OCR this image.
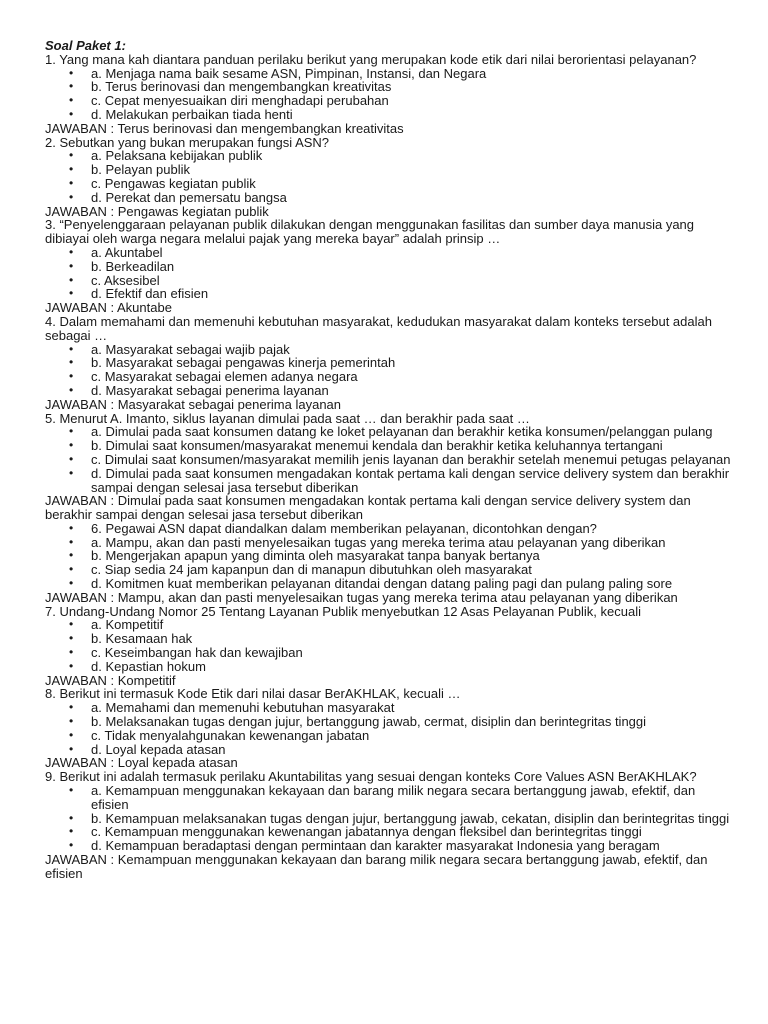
Soal Paket 1:

1. Yang mana kah diantara panduan perilaku berikut yang merupakan kode etik dari nilai berorientasi pelayanan?

• a. Menjaga nama baik sesame ASN, Pimpinan, Instansi, dan Negara
• b. Terus berinovasi dan mengembangkan kreativitas
• c. Cepat menyesuaikan diri menghadapi perubahan
• d. Melakukan perbaikan tiada henti

JAWABAN : Terus berinovasi dan mengembangkan kreativitas

2. Sebutkan yang bukan merupakan fungsi ASN?

• a. Pelaksana kebijakan publik
• b. Pelayan publik
• c. Pengawas kegiatan publik
• d. Perekat dan pemersatu bangsa

JAWABAN : Pengawas kegiatan publik

3. “Penyelenggaraan pelayanan publik dilakukan dengan menggunakan fasilitas dan sumber daya manusia yang dibiayai oleh warga negara melalui pajak yang mereka bayar” adalah prinsip …

• a. Akuntabel
• b. Berkeadilan
• c. Aksesibel
• d. Efektif dan efisien

JAWABAN : Akuntabe

4. Dalam memahami dan memenuhi kebutuhan masyarakat, kedudukan masyarakat dalam konteks tersebut adalah sebagai …

• a. Masyarakat sebagai wajib pajak
• b. Masyarakat sebagai pengawas kinerja pemerintah
• c. Masyarakat sebagai elemen adanya negara
• d. Masyarakat sebagai penerima layanan

JAWABAN : Masyarakat sebagai penerima layanan

5. Menurut A. Imanto, siklus layanan dimulai pada saat … dan berakhir pada saat …

• a. Dimulai pada saat konsumen datang ke loket pelayanan dan berakhir ketika konsumen/pelanggan pulang
• b. Dimulai saat konsumen/masyarakat menemui kendala dan berakhir ketika keluhannya tertangani
• c. Dimulai saat konsumen/masyarakat memilih jenis layanan dan berakhir setelah menemui petugas pelayanan
• d. Dimulai pada saat konsumen mengadakan kontak pertama kali dengan service delivery system dan berakhir sampai dengan selesai jasa tersebut diberikan

JAWABAN : Dimulai pada saat konsumen mengadakan kontak pertama kali dengan service delivery system dan berakhir sampai dengan selesai jasa tersebut diberikan

• 6. Pegawai ASN dapat diandalkan dalam memberikan pelayanan, dicontohkan dengan?
• a. Mampu, akan dan pasti menyelesaikan tugas yang mereka terima atau pelayanan yang diberikan
• b. Mengerjakan apapun yang diminta oleh masyarakat tanpa banyak bertanya
• c. Siap sedia 24 jam kapanpun dan di manapun dibutuhkan oleh masyarakat
• d. Komitmen kuat memberikan pelayanan ditandai dengan datang paling pagi dan pulang paling sore

JAWABAN : Mampu, akan dan pasti menyelesaikan tugas yang mereka terima atau pelayanan yang diberikan

7. Undang-Undang Nomor 25 Tentang Layanan Publik menyebutkan 12 Asas Pelayanan Publik, kecuali

• a. Kompetitif
• b. Kesamaan hak
• c. Keseimbangan hak dan kewajiban
• d. Kepastian hokum

JAWABAN : Kompetitif

8. Berikut ini termasuk Kode Etik dari nilai dasar BerAKHLAK, kecuali …

• a. Memahami dan memenuhi kebutuhan masyarakat
• b. Melaksanakan tugas dengan jujur, bertanggung jawab, cermat, disiplin dan berintegritas tinggi
• c. Tidak menyalahgunakan kewenangan jabatan
• d. Loyal kepada atasan

JAWABAN : Loyal kepada atasan

9. Berikut ini adalah termasuk perilaku Akuntabilitas yang sesuai dengan konteks Core Values ASN BerAKHLAK?

• a. Kemampuan menggunakan kekayaan dan barang milik negara secara bertanggung jawab, efektif, dan efisien
• b. Kemampuan melaksanakan tugas dengan jujur, bertanggung jawab, cekatan, disiplin dan berintegritas tinggi
• c. Kemampuan menggunakan kewenangan jabatannya dengan fleksibel dan berintegritas tinggi
• d. Kemampuan beradaptasi dengan permintaan dan karakter masyarakat Indonesia yang beragam

JAWABAN : Kemampuan menggunakan kekayaan dan barang milik negara secara bertanggung jawab, efektif, dan efisien
